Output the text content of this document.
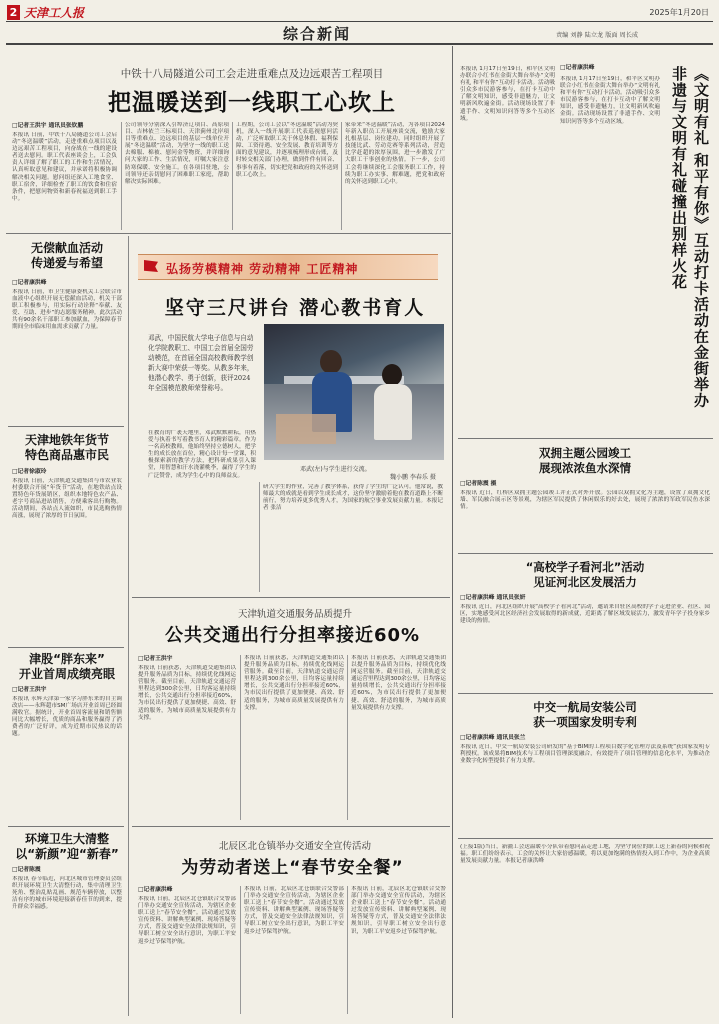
2 天津工人报	2025年1月20日
综合新闻	责编 刘静 陆立龙 版面 周长成
中铁十八局隧道公司工会走进重难点及边远艰苦工程项目
把温暖送到一线职工心坎上
□记者王洪宇 通讯员张钦鹏
本报讯 日前，中铁十八局隧道公司工会启动“冬送温暖”活动，走进重难点项目以及边远艰苦工程项目，向奋战在一线的建设者送去慰问。职工代表座谈会上，工会负责人详细了解了职工的工作和生活情况，认真听取意见和建议，并承诺将积极协调解决相关问题。慰问组还深入工地食堂、职工宿舍，详细检查了职工的饮食和住宿条件，把慰问物资和新春祝福送到职工手中。
公司领导分别深入引绰济辽项目、高原项目、吉林依兰三标项目、天津蓟州北岸项目等重难点、边远项目的基层一线单位开展“冬送温暖”活动，为坚守一线的职工送去棉服、棉被、慰问金等物资，并详细询问大家的工作、生活情况，叮嘱大家注意防寒保暖、安全施工。在各项目驻地，公司领导还亲切慰问了困难职工家庭，帮助解决实际困难。
工程期，公司工会以“冬送温暖”活动为契机，深入一线开展职工代表巡视慰问活动，广泛听取职工关于休息休假、福利保障、工资待遇、安全发展、教育培训等方面的意见建议，并逐项梳理形成台账，及时转交相关部门办理，做到件件有回音、事事有着落，切实把党和政府的关怀送到职工心坎上。
家带来“冬送温暖”活动，为各项目2024年新入职员工开展座谈交流，勉励大家扎根基层、岗位建功，同时组织开展了技能比武、劳动竞赛等系列活动，营造比学赶超的浓厚氛围，进一步激发了广大职工干事创业的热情。下一步，公司工会将继续深化工会服务职工工作，持续为职工办实事、解难题，把党和政府的关怀送到职工心中。
无偿献血活动
传递爱与希望
□记者康洪峰
本报讯 日前，市卫生健康委机关工会联合市血液中心组织开展无偿献血活动，机关干部职工积极参与，用实际行动诠释“奉献、友爱、互助、进步”的志愿服务精神。此次活动共有90余名干部职工参加献血，为保障春节期间全市临床用血需求贡献了力量。
天津地铁年货节
特色商品惠市民
□记者徐淑玲
本报讯 日前，天津轨道交通集团与市农业农村委联合开展“年货节”活动，在地铁站点设置特色年货展销区，组织本地特色农产品、老字号商品进站销售，方便乘客出行购物。活动期间，各站点人流如织，市民选购热情高涨，展现了浓厚的节日氛围。
津股“胖东来”
开业首周成绩亮眼
□记者王洪宇
本报讯 永辉天津第一家学习胖东来的自主调改店——永辉超市SM广场店开业首周已经圆满收官。据统计，开业首周客流量和销售额同比大幅增长，优质的商品和服务赢得了消费者的广泛好评，成为近期市民热议的话题。
环境卫生大清整
以“新颜”迎“新春”
□记者陈震
本报讯 春节临近，河北区城市管理委员会组织开展环境卫生大清整行动，集中清理卫生死角、整治乱贴乱画、规范车辆停放，以整洁有序的城市环境迎接新春佳节的到来，提升群众幸福感。
弘扬劳模精神 劳动精神 工匠精神
坚守三尺讲台 潜心教书育人
邓武，中国民航大学电子信息与自动化学院教职工、中国工会首届全国劳动模范，在首届全国高校教师教学创新大赛中荣获一等奖。从教多年来，他潜心教学、勇于创新，获评2024年全国模范教师荣誉称号。
邓武(左)与学生进行交流。
魏小鹏 李春乐 摄
在教育的广袤天地里，邓武默默耕耘，用热爱与执着书写着教书育人的精彩篇章。作为一名高校教师，他始终坚持立德树人，把学生的成长放在首位，精心设计每一堂课，积极探索新的教学方法，把科研成果引入课堂，用智慧和汗水浇灌桃李，赢得了学生的广泛赞誉，成为学生心中的良师益友。
研大学生的作业，完善了教学体系，获得了学生的广泛认可。他常说，教师最大的成就是看到学生成长成才，这份坚守激励着他在教育道路上不断前行，努力培养更多优秀人才，为国家的航空事业发展贡献力量。本报记者 张洁
天津轨道交通服务品质提升
公共交通出行分担率接近60%
□记者王洪宇
本报讯 日前获悉，天津轨道交通集团以提升服务品质为目标，持续优化线网运营服务。截至目前，天津轨道交通运营里程达到300余公里，日均客运量持续增长，公共交通出行分担率接近60%，为市民出行提供了更加便捷、高效、舒适的服务，为城市高质量发展提供有力支撑。
本报讯 日前获悉，天津轨道交通集团以提升服务品质为目标，持续优化线网运营服务。截至目前，天津轨道交通运营里程达到300余公里，日均客运量持续增长，公共交通出行分担率接近60%，为市民出行提供了更加便捷、高效、舒适的服务，为城市高质量发展提供有力支撑。
本报讯 日前获悉，天津轨道交通集团以提升服务品质为目标，持续优化线网运营服务。截至目前，天津轨道交通运营里程达到300余公里，日均客运量持续增长，公共交通出行分担率接近60%，为市民出行提供了更加便捷、高效、舒适的服务，为城市高质量发展提供有力支撑。
北辰区北仓镇举办交通安全宣传活动
为劳动者送上“春节安全餐”
□记者康洪峰
本报讯 日前，北辰区北仓镇联合交警部门举办交通安全宣传活动，为辖区企业职工送上“春节安全餐”。活动通过发放宣传资料、讲解典型案例、现场答疑等方式，普及交通安全法律法规知识，引导职工树立安全出行意识，为职工平安返乡过节保驾护航。
本报讯 日前，北辰区北仓镇联合交警部门举办交通安全宣传活动，为辖区企业职工送上“春节安全餐”。活动通过发放宣传资料、讲解典型案例、现场答疑等方式，普及交通安全法律法规知识，引导职工树立安全出行意识，为职工平安返乡过节保驾护航。
本报讯 日前，北辰区北仓镇联合交警部门举办交通安全宣传活动，为辖区企业职工送上“春节安全餐”。活动通过发放宣传资料、讲解典型案例、现场答疑等方式，普及交通安全法律法规知识，引导职工树立安全出行意识，为职工平安返乡过节保驾护航。
□记者康洪峰	《文明有礼 和平有你》互动打卡活动在金街举办
非遗与文明有礼碰撞出别样火花
本报讯 1月17日至19日，和平区文明办联合小红书在金街大舞台举办“文明有礼 和平有你”互动打卡活动。活动吸引众多市民游客参与，在打卡互动中了解文明知识，感受非遗魅力，让文明新风吹遍金街。活动现场设置了非遗手作、文明知识问答等多个互动区域。
本报讯 1月17日至19日，和平区文明办联合小红书在金街大舞台举办“文明有礼 和平有你”互动打卡活动。活动吸引众多市民游客参与，在打卡互动中了解文明知识，感受非遗魅力，让文明新风吹遍金街。活动现场设置了非遗手作、文明知识问答等多个互动区域。
双拥主题公园竣工
展现浓浓鱼水深情
□记者陈震 摄
本报讯 近日，红桥区双拥主题公园竣工并正式对外开放。公园以双拥文化为主题，设置了双拥文化墙、军民融合展示区等景观，为辖区军民提供了休闲娱乐的好去处，展现了浓浓的军政军民鱼水深情。
“高校学子看河北”活动
见证河北区发展活力
□记者康洪峰 通讯员张妍
本报讯 近日，河北区组织开展“高校学子看河北”活动，邀请来自驻区高校的学子走进企业、社区、园区，实地感受河北区经济社会发展取得的新成就，近距离了解区域发展活力，激发青年学子投身家乡建设的热情。
中交一航局安装公司
获一项国家发明专利
□记者康洪峰 通讯员张兰
本报讯 近日，中交一航局安装公司研发的“基于BIM的工程项目数字化管理方法及系统”获国家发明专利授权。该成果将BIM技术与工程项目管理深度融合，有效提升了项目管理的信息化水平，为推动企业数字化转型提供了有力支撑。
(上接1版)当日，新疆工会送温暖小分队带着慰问品走进工地，为坚守岗位的职工送上新春的问候和祝福。职工们纷纷表示，工会的关怀让大家倍感温暖，将以更加饱满的热情投入到工作中，为企业高质量发展贡献力量。本报记者康洪峰
